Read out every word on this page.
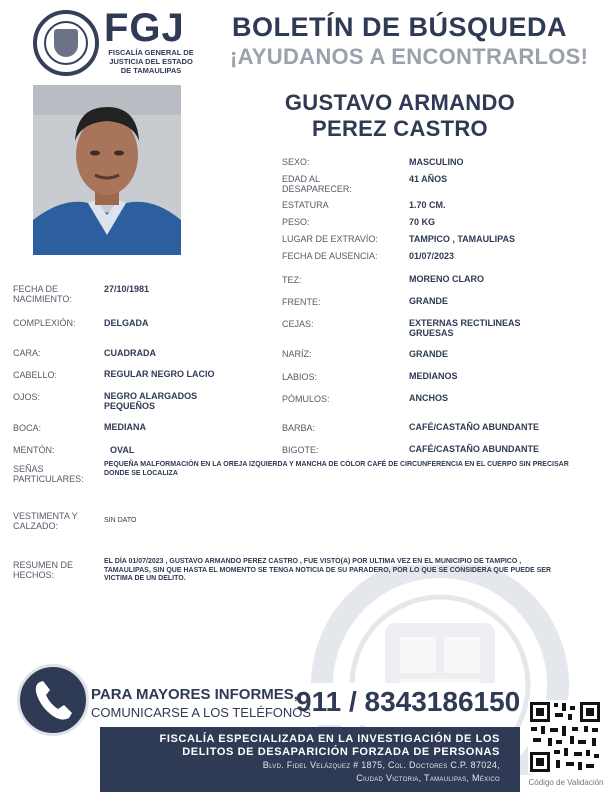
FGJ
FISCALÍA GENERAL DE
JUSTICIA DEL ESTADO
DE TAMAULIPAS
BOLETÍN DE BÚSQUEDA
¡AYUDANOS A ENCONTRARLOS!
GUSTAVO ARMANDO
PEREZ CASTRO
SEXO:	MASCULINO
EDAD AL
DESAPARECER:
41 AÑOS
ESTATURA	1.70 CM.
PESO:	70 KG
LUGAR DE EXTRAVÍO:	TAMPICO , TAMAULIPAS
FECHA DE AUSENCIA:	01/07/2023
TEZ:	MORENO CLARO
FRENTE:	GRANDE
CEJAS:	EXTERNAS RECTILINEAS
GRUESAS
NARÍZ:	GRANDE
LABIOS:	MEDIANOS
PÓMULOS:	ANCHOS
BARBA:	CAFÉ/CASTAÑO ABUNDANTE
BIGOTE:	CAFÉ/CASTAÑO ABUNDANTE
FECHA DE
NACIMIENTO:
27/10/1981
COMPLEXIÓN:	DELGADA
CARA:	CUADRADA
CABELLO:	REGULAR NEGRO LACIO
OJOS:	NEGRO ALARGADOS
PEQUEÑOS
BOCA:	MEDIANA
MENTÓN:	OVAL
SEÑAS
PARTICULARES:
PEQUEÑA MALFORMACIÓN EN LA OREJA IZQUIERDA Y MANCHA DE COLOR CAFÉ DE CIRCUNFERENCIA EN EL CUERPO SIN PRECISAR DONDE SE LOCALIZA
VESTIMENTA Y
CALZADO:
SIN DATO
RESUMEN DE
HECHOS:
EL DÍA 01/07/2023 , GUSTAVO ARMANDO PEREZ CASTRO , FUE VISTO(A) POR ULTIMA VEZ EN EL MUNICIPIO DE TAMPICO , TAMAULIPAS, SIN QUE HASTA EL MOMENTO SE TENGA NOTICIA DE SU PARADERO, POR LO QUE SE CONSIDERA QUE PUEDE SER VICTIMA DE UN DELITO.
PARA MAYORES INFORMES,
COMUNICARSE A LOS TELÉFONOS
911 / 8343186150
FISCALÍA ESPECIALIZADA EN LA INVESTIGACIÓN DE LOS
DELITOS DE DESAPARICIÓN FORZADA DE PERSONAS
Blvd. Fidel Velázquez # 1875, Col. Doctores C.P. 87024,
Ciudad Victoria, Tamaulipas, México	Código de Validación
